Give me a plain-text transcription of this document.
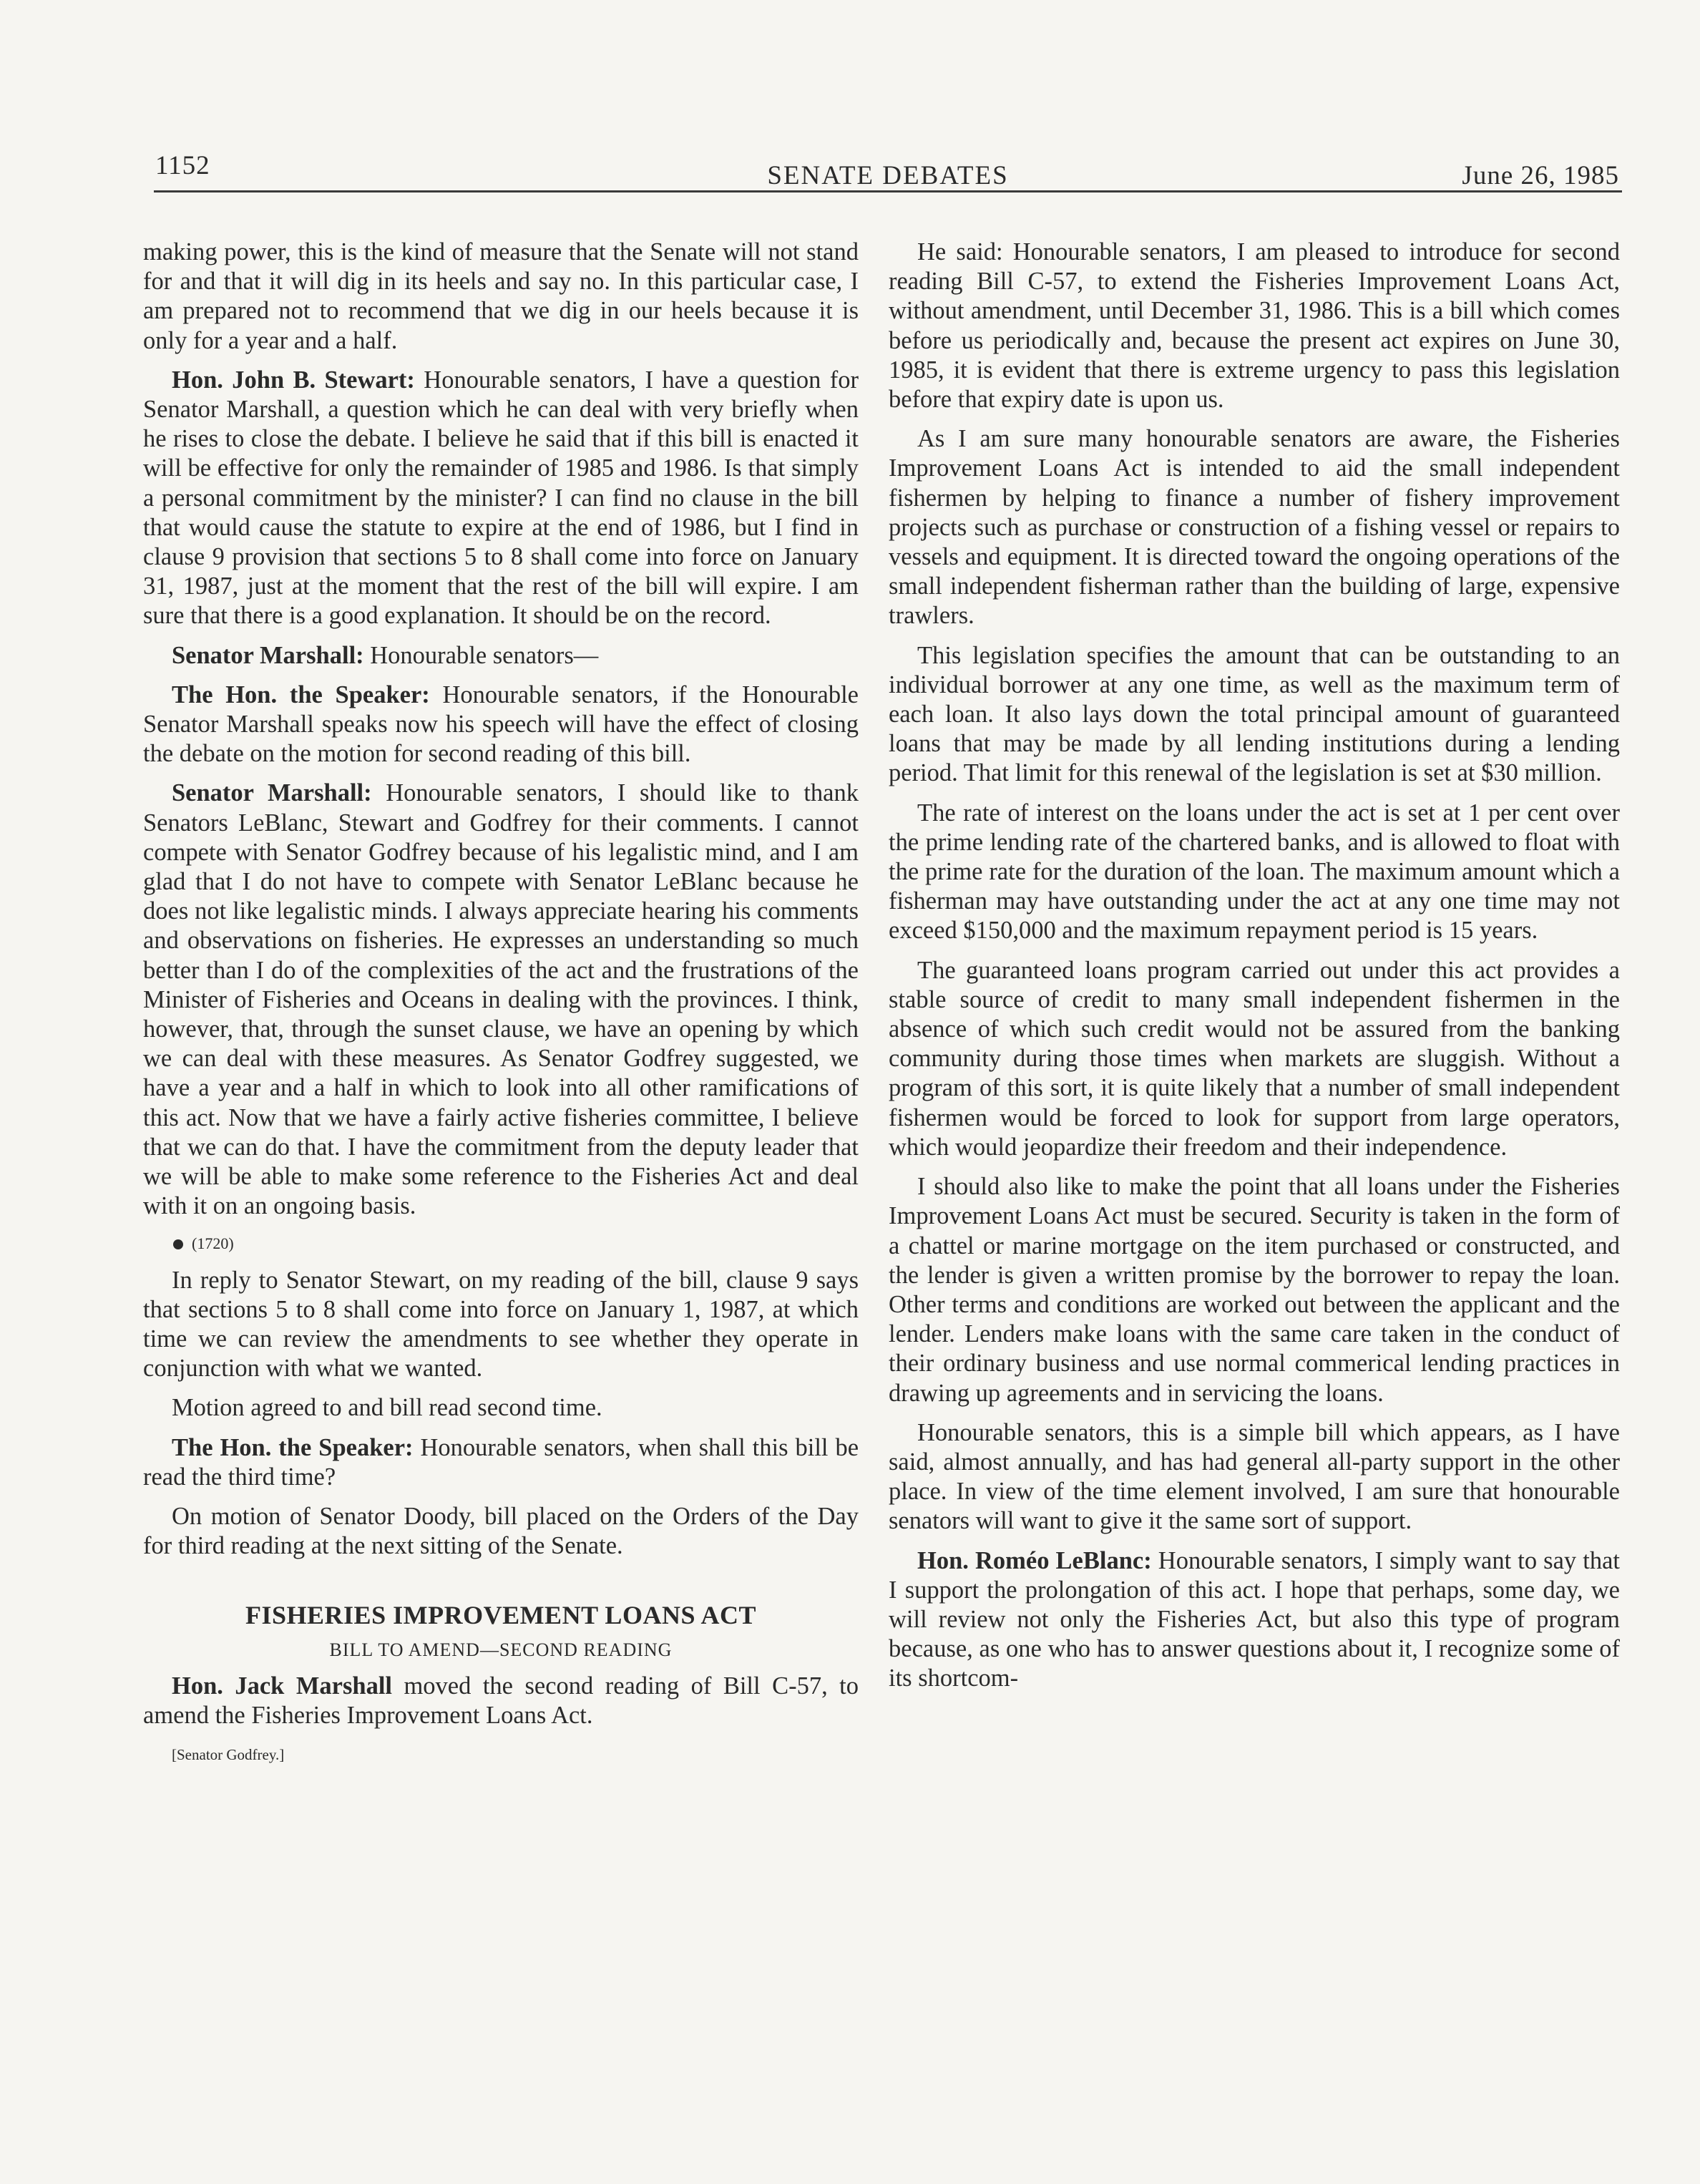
1152	SENATE DEBATES	June 26, 1985

making power, this is the kind of measure that the Senate will not stand for and that it will dig in its heels and say no. In this particular case, I am prepared not to recommend that we dig in our heels because it is only for a year and a half.

Hon. John B. Stewart: Honourable senators, I have a question for Senator Marshall, a question which he can deal with very briefly when he rises to close the debate. I believe he said that if this bill is enacted it will be effective for only the remainder of 1985 and 1986. Is that simply a personal commitment by the minister? I can find no clause in the bill that would cause the statute to expire at the end of 1986, but I find in clause 9 provision that sections 5 to 8 shall come into force on January 31, 1987, just at the moment that the rest of the bill will expire. I am sure that there is a good explanation. It should be on the record.

Senator Marshall: Honourable senators—

The Hon. the Speaker: Honourable senators, if the Honourable Senator Marshall speaks now his speech will have the effect of closing the debate on the motion for second reading of this bill.

Senator Marshall: Honourable senators, I should like to thank Senators LeBlanc, Stewart and Godfrey for their comments. I cannot compete with Senator Godfrey because of his legalistic mind, and I am glad that I do not have to compete with Senator LeBlanc because he does not like legalistic minds. I always appreciate hearing his comments and observations on fisheries. He expresses an understanding so much better than I do of the complexities of the act and the frustrations of the Minister of Fisheries and Oceans in dealing with the provinces. I think, however, that, through the sunset clause, we have an opening by which we can deal with these measures. As Senator Godfrey suggested, we have a year and a half in which to look into all other ramifications of this act. Now that we have a fairly active fisheries committee, I believe that we can do that. I have the commitment from the deputy leader that we will be able to make some reference to the Fisheries Act and deal with it on an ongoing basis.

(1720)

In reply to Senator Stewart, on my reading of the bill, clause 9 says that sections 5 to 8 shall come into force on January 1, 1987, at which time we can review the amendments to see whether they operate in conjunction with what we wanted.

Motion agreed to and bill read second time.

The Hon. the Speaker: Honourable senators, when shall this bill be read the third time?

On motion of Senator Doody, bill placed on the Orders of the Day for third reading at the next sitting of the Senate.

FISHERIES IMPROVEMENT LOANS ACT
BILL TO AMEND—SECOND READING

Hon. Jack Marshall moved the second reading of Bill C-57, to amend the Fisheries Improvement Loans Act.

[Senator Godfrey.]

He said: Honourable senators, I am pleased to introduce for second reading Bill C-57, to extend the Fisheries Improvement Loans Act, without amendment, until December 31, 1986. This is a bill which comes before us periodically and, because the present act expires on June 30, 1985, it is evident that there is extreme urgency to pass this legislation before that expiry date is upon us.

As I am sure many honourable senators are aware, the Fisheries Improvement Loans Act is intended to aid the small independent fishermen by helping to finance a number of fishery improvement projects such as purchase or construction of a fishing vessel or repairs to vessels and equipment. It is directed toward the ongoing operations of the small independent fisherman rather than the building of large, expensive trawlers.

This legislation specifies the amount that can be outstanding to an individual borrower at any one time, as well as the maximum term of each loan. It also lays down the total principal amount of guaranteed loans that may be made by all lending institutions during a lending period. That limit for this renewal of the legislation is set at $30 million.

The rate of interest on the loans under the act is set at 1 per cent over the prime lending rate of the chartered banks, and is allowed to float with the prime rate for the duration of the loan. The maximum amount which a fisherman may have outstanding under the act at any one time may not exceed $150,000 and the maximum repayment period is 15 years.

The guaranteed loans program carried out under this act provides a stable source of credit to many small independent fishermen in the absence of which such credit would not be assured from the banking community during those times when markets are sluggish. Without a program of this sort, it is quite likely that a number of small independent fishermen would be forced to look for support from large operators, which would jeopardize their freedom and their independence.

I should also like to make the point that all loans under the Fisheries Improvement Loans Act must be secured. Security is taken in the form of a chattel or marine mortgage on the item purchased or constructed, and the lender is given a written promise by the borrower to repay the loan. Other terms and conditions are worked out between the applicant and the lender. Lenders make loans with the same care taken in the conduct of their ordinary business and use normal commerical lending practices in drawing up agreements and in servicing the loans.

Honourable senators, this is a simple bill which appears, as I have said, almost annually, and has had general all-party support in the other place. In view of the time element involved, I am sure that honourable senators will want to give it the same sort of support.

Hon. Roméo LeBlanc: Honourable senators, I simply want to say that I support the prolongation of this act. I hope that perhaps, some day, we will review not only the Fisheries Act, but also this type of program because, as one who has to answer questions about it, I recognize some of its shortcom-
